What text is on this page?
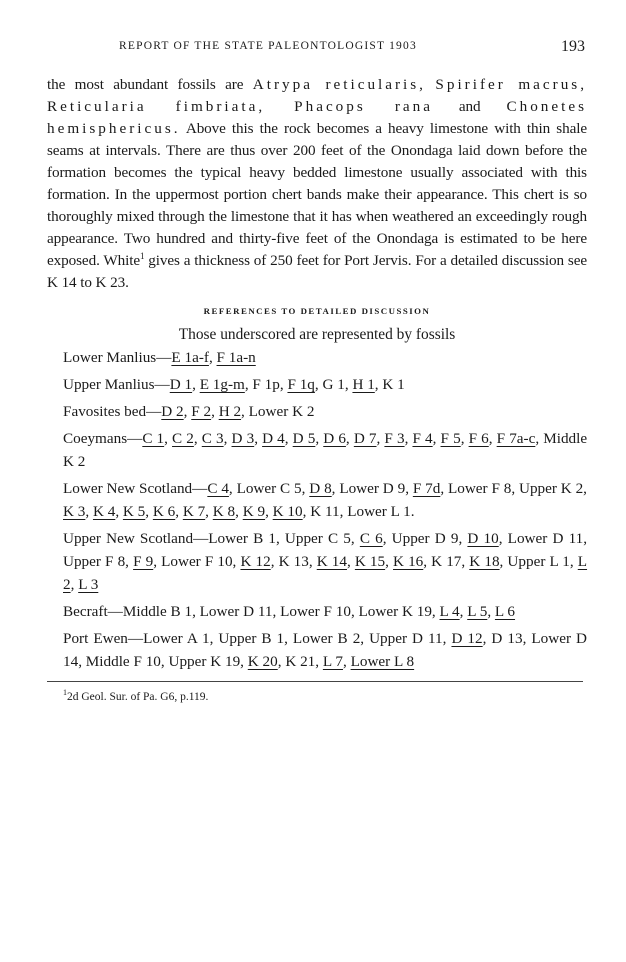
REPORT OF THE STATE PALEONTOLOGIST 1903	193
the most abundant fossils are Atrypa reticularis, Spirifer macrus, Reticularia fimbriata, Phacops rana and Chonetes hemisphericus. Above this the rock becomes a heavy limestone with thin shale seams at intervals. There are thus over 200 feet of the Onondaga laid down before the formation becomes the typical heavy bedded limestone usually associated with this formation. In the uppermost portion chert bands make their appearance. This chert is so thoroughly mixed through the limestone that it has when weathered an exceedingly rough appearance. Two hundred and thirty-five feet of the Onondaga is estimated to be here exposed. White$^1$ gives a thickness of 250 feet for Port Jervis. For a detailed discussion see K 14 to K 23.
REFERENCES TO DETAILED DISCUSSION
Those underscored are represented by fossils
Lower Manlius—E 1a-f, F 1a-n
Upper Manlius—D 1, E 1g-m, F 1p, F 1q, G 1, H 1, K 1
Favosites bed—D 2, F 2, H 2, Lower K 2
Coeymans—C 1, C 2, C 3, D 3, D 4, D 5, D 6, D 7, F 3, F 4, F 5, F 6, F 7a-c, Middle K 2
Lower New Scotland—C 4, Lower C 5, D 8, Lower D 9, F 7d, Lower F 8, Upper K 2, K 3, K 4, K 5, K 6, K 7, K 8, K 9, K 10, K 11, Lower L 1.
Upper New Scotland—Lower B 1, Upper C 5, C 6, Upper D 9, D 10, Lower D 11, Upper F 8, F 9, Lower F 10, K 12, K 13, K 14, K 15, K 16, K 17, K 18, Upper L 1, L 2, L 3
Becraft—Middle B 1, Lower D 11, Lower F 10, Lower K 19, L 4, L 5, L 6
Port Ewen—Lower A 1, Upper B 1, Lower B 2, Upper D 11, D 12, D 13, Lower D 14, Middle F 10, Upper K 19, K 20, K 21, L 7, Lower L 8
$^1$2d Geol. Sur. of Pa. G6, p.119.
